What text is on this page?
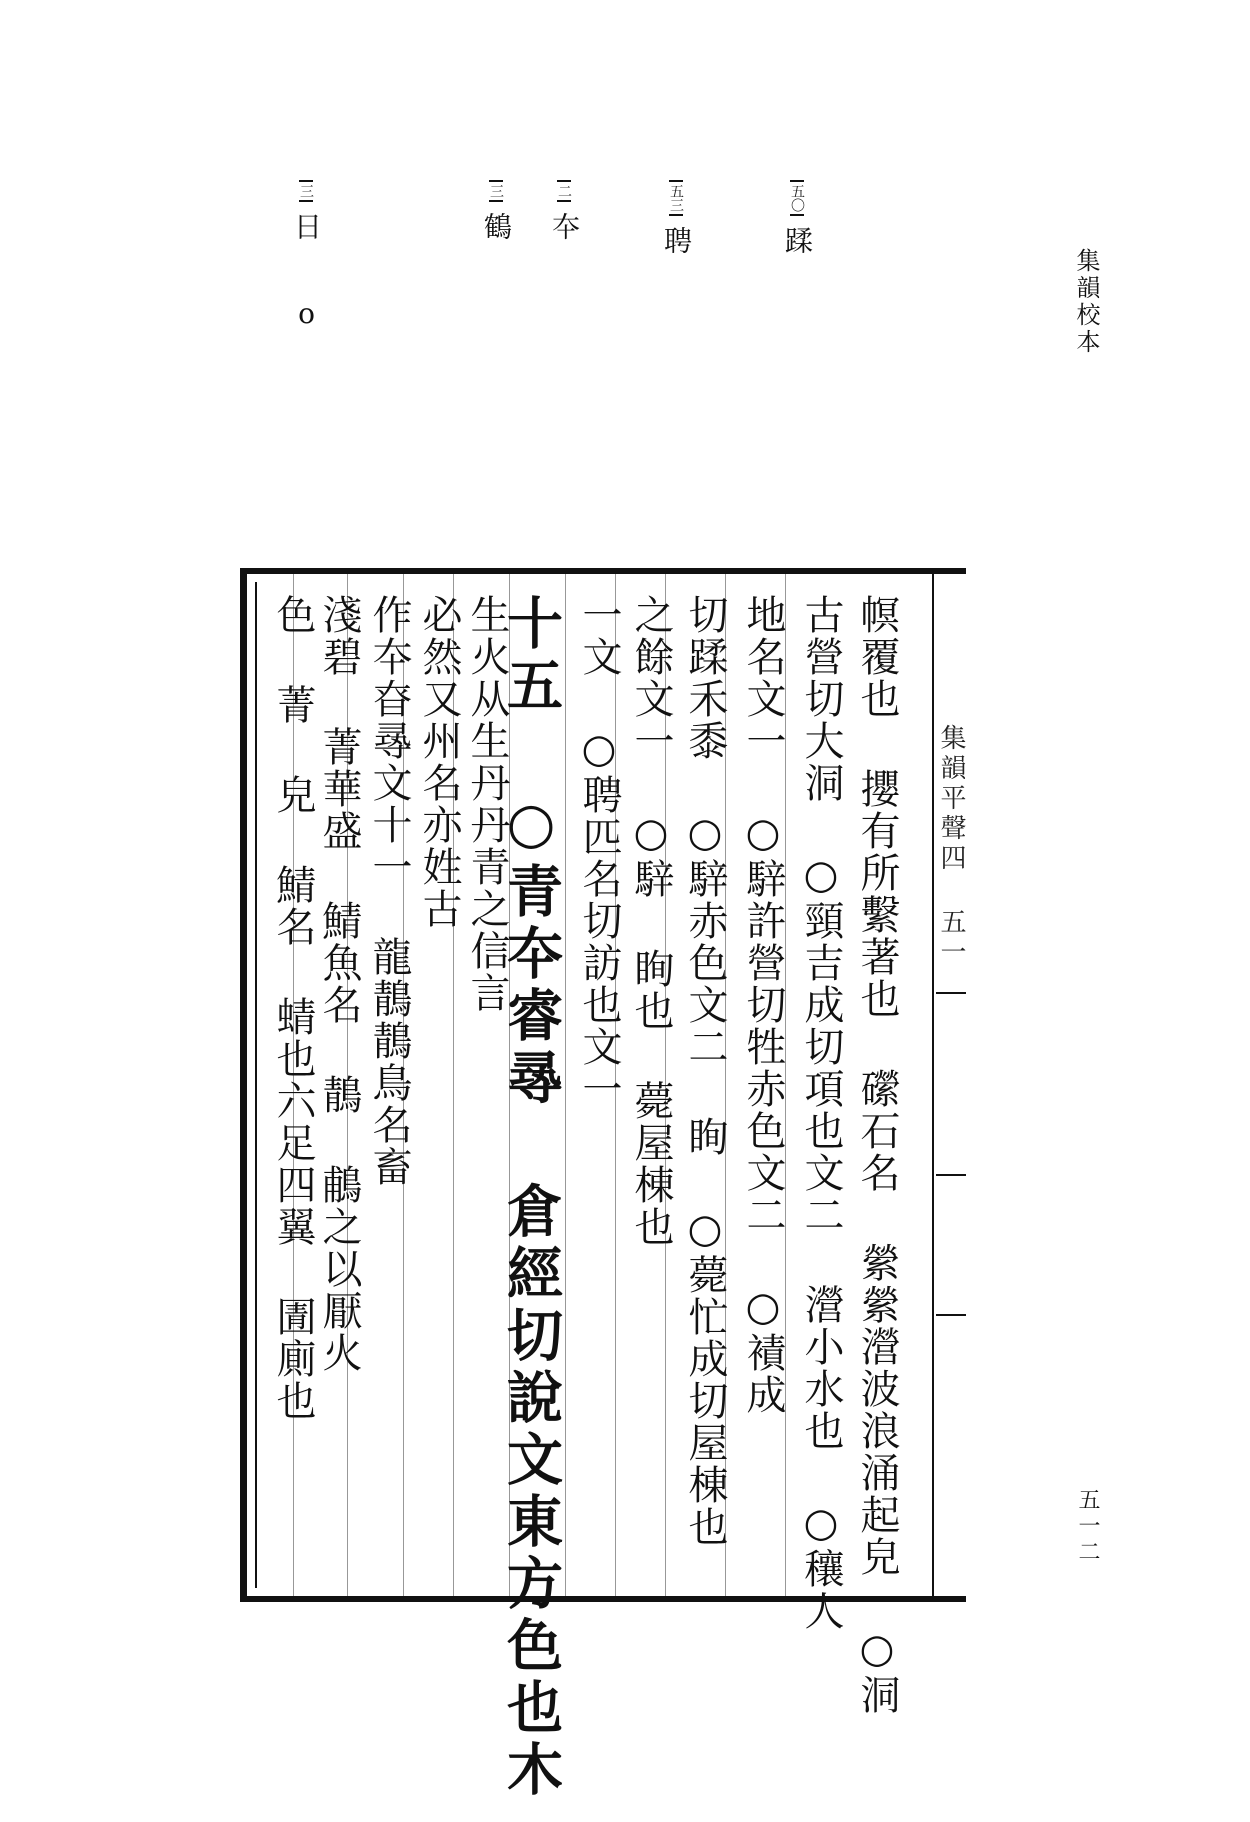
集韻校本
五一二
五〇蹂
五三聘
二夲
三鶴
三日 o
集韻平聲四 五一
幎覆也 攖有所繫著也 礯石名 縈縈瀯波浪涌起皃 ○洞
古營切大洞 ○頸吉成切項也文二 瀯小水也 ○穰人
地名文一 ○騂許營切牲赤色文二 ○襀成
切蹂禾黍 ○騂赤色文二 眴 ○薨忙成切屋棟也
之餘文一 ○騂 眴也 薨屋棟也
一文 ○聘匹名切訪也文一
十五 ○青夲睿㝷 倉經切說文東方色也木
生火从生丹丹青之信言
必然又州名亦姓古
作夲昚㝷文十一 龍鶄鶄鳥名畜
淺碧 菁華盛 鯖魚名 鶄 鵏之以厭火
色 菁 皃 鯖名 蜻也六足四翼 圊廁也
